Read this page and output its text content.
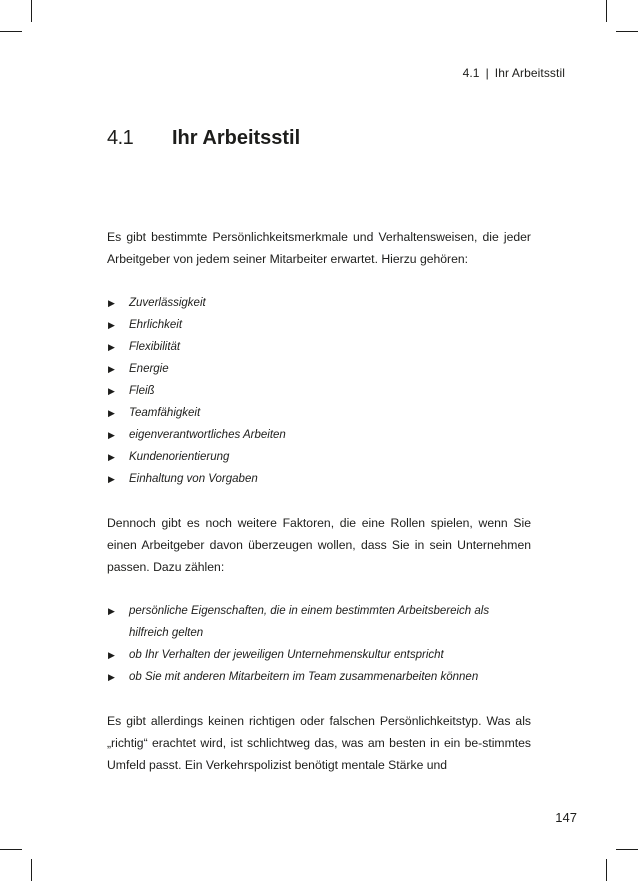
4.1 | Ihr Arbeitsstil
4.1	Ihr Arbeitsstil

Es gibt bestimmte Persönlichkeitsmerkmale und Verhaltensweisen, die jeder Arbeitgeber von jedem seiner Mitarbeiter erwartet. Hierzu gehören:

▶ Zuverlässigkeit
▶ Ehrlichkeit
▶ Flexibilität
▶ Energie
▶ Fleiß
▶ Teamfähigkeit
▶ eigenverantwortliches Arbeiten
▶ Kundenorientierung
▶ Einhaltung von Vorgaben

Dennoch gibt es noch weitere Faktoren, die eine Rollen spielen, wenn Sie einen Arbeitgeber davon überzeugen wollen, dass Sie in sein Unternehmen passen. Dazu zählen:

▶ persönliche Eigenschaften, die in einem bestimmten Arbeitsbereich als hilfreich gelten
▶ ob Ihr Verhalten der jeweiligen Unternehmenskultur entspricht
▶ ob Sie mit anderen Mitarbeitern im Team zusammenarbeiten können

Es gibt allerdings keinen richtigen oder falschen Persönlichkeitstyp. Was als „richtig“ erachtet wird, ist schlichtweg das, was am besten in ein be-stimmtes Umfeld passt. Ein Verkehrspolizist benötigt mentale Stärke und

147
